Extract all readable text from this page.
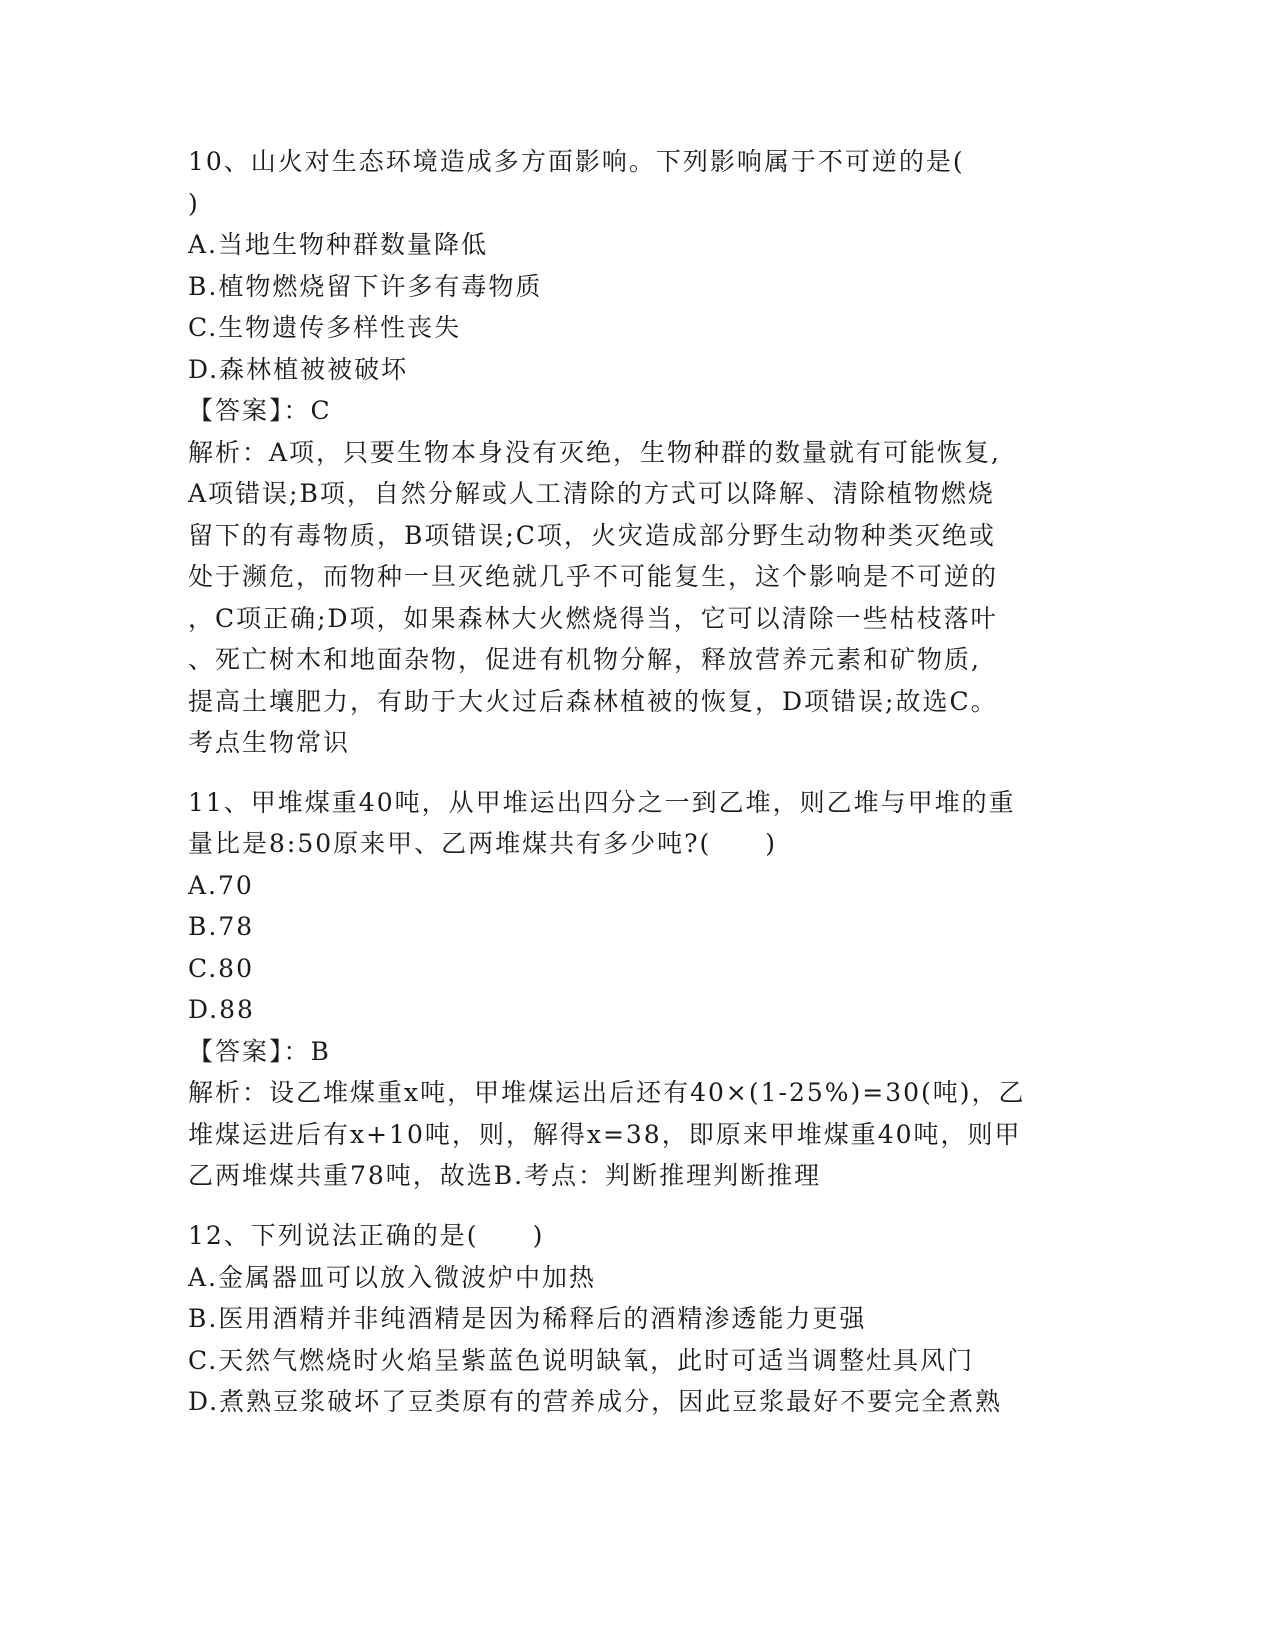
10、山火对生态环境造成多方面影响。下列影响属于不可逆的是(

)

A.当地生物种群数量降低

B.植物燃烧留下许多有毒物质

C.生物遗传多样性丧失

D.森林植被被破坏

【答案】：C

解析：A项，只要生物本身没有灭绝，生物种群的数量就有可能恢复,

A项错误;B项，自然分解或人工清除的方式可以降解、清除植物燃烧

留下的有毒物质，B项错误;C项，火灾造成部分野生动物种类灭绝或

处于濒危，而物种一旦灭绝就几乎不可能复生，这个影响是不可逆的

，C项正确;D项，如果森林大火燃烧得当，它可以清除一些枯枝落叶

、死亡树木和地面杂物，促进有机物分解，释放营养元素和矿物质,

提高土壤肥力，有助于大火过后森林植被的恢复，D项错误;故选C。

考点生物常识

11、甲堆煤重40吨，从甲堆运出四分之一到乙堆，则乙堆与甲堆的重

量比是8:50原来甲、乙两堆煤共有多少吨?(　　)

A.70

B.78

C.80

D.88

【答案】：B

解析：设乙堆煤重x吨，甲堆煤运出后还有40×(1-25%)=30(吨)，乙

堆煤运进后有x+10吨，则，解得x=38，即原来甲堆煤重40吨，则甲

乙两堆煤共重78吨，故选B.考点：判断推理判断推理

12、下列说法正确的是(　　)

A.金属器皿可以放入微波炉中加热

B.医用酒精并非纯酒精是因为稀释后的酒精渗透能力更强

C.天然气燃烧时火焰呈紫蓝色说明缺氧，此时可适当调整灶具风门

D.煮熟豆浆破坏了豆类原有的营养成分，因此豆浆最好不要完全煮熟
